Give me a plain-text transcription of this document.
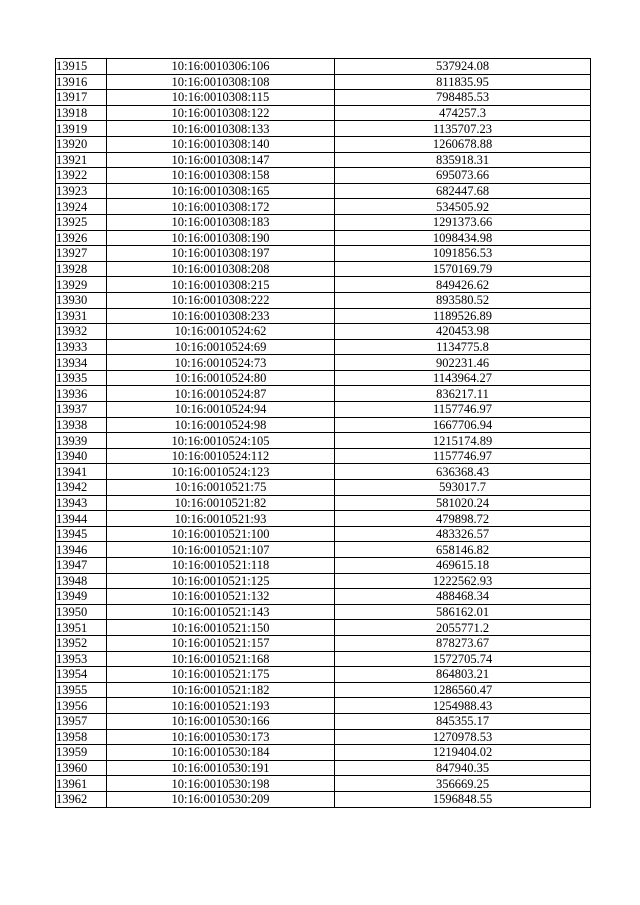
13915	10:16:0010306:106	537924.08
13916	10:16:0010308:108	811835.95
13917	10:16:0010308:115	798485.53
13918	10:16:0010308:122	474257.3
13919	10:16:0010308:133	1135707.23
13920	10:16:0010308:140	1260678.88
13921	10:16:0010308:147	835918.31
13922	10:16:0010308:158	695073.66
13923	10:16:0010308:165	682447.68
13924	10:16:0010308:172	534505.92
13925	10:16:0010308:183	1291373.66
13926	10:16:0010308:190	1098434.98
13927	10:16:0010308:197	1091856.53
13928	10:16:0010308:208	1570169.79
13929	10:16:0010308:215	849426.62
13930	10:16:0010308:222	893580.52
13931	10:16:0010308:233	1189526.89
13932	10:16:0010524:62	420453.98
13933	10:16:0010524:69	1134775.8
13934	10:16:0010524:73	902231.46
13935	10:16:0010524:80	1143964.27
13936	10:16:0010524:87	836217.11
13937	10:16:0010524:94	1157746.97
13938	10:16:0010524:98	1667706.94
13939	10:16:0010524:105	1215174.89
13940	10:16:0010524:112	1157746.97
13941	10:16:0010524:123	636368.43
13942	10:16:0010521:75	593017.7
13943	10:16:0010521:82	581020.24
13944	10:16:0010521:93	479898.72
13945	10:16:0010521:100	483326.57
13946	10:16:0010521:107	658146.82
13947	10:16:0010521:118	469615.18
13948	10:16:0010521:125	1222562.93
13949	10:16:0010521:132	488468.34
13950	10:16:0010521:143	586162.01
13951	10:16:0010521:150	2055771.2
13952	10:16:0010521:157	878273.67
13953	10:16:0010521:168	1572705.74
13954	10:16:0010521:175	864803.21
13955	10:16:0010521:182	1286560.47
13956	10:16:0010521:193	1254988.43
13957	10:16:0010530:166	845355.17
13958	10:16:0010530:173	1270978.53
13959	10:16:0010530:184	1219404.02
13960	10:16:0010530:191	847940.35
13961	10:16:0010530:198	356669.25
13962	10:16:0010530:209	1596848.55
